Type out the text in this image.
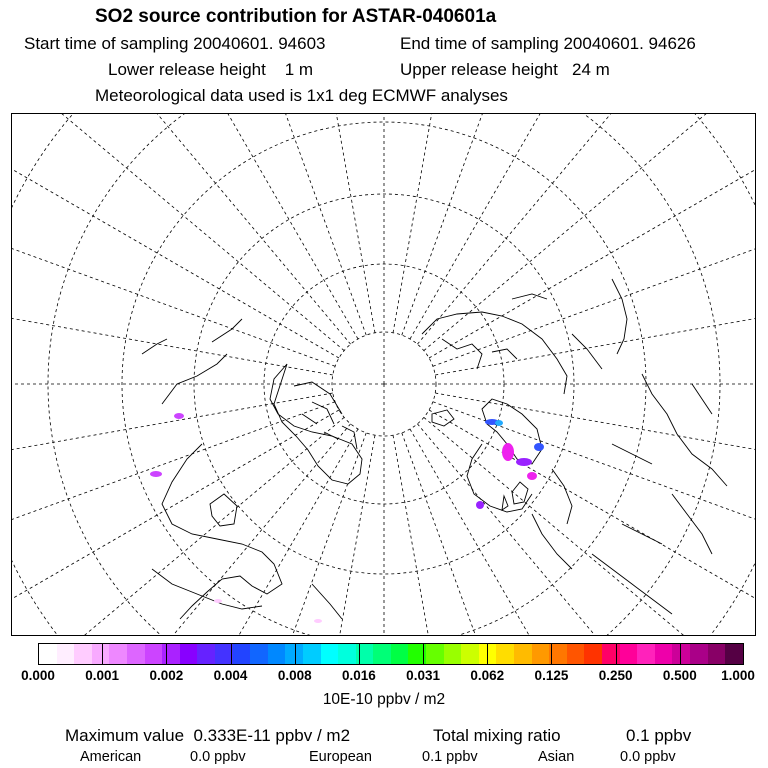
SO2 source contribution for ASTAR-040601a
Start time of sampling 20040601. 94603	End time of sampling 20040601. 94626
Lower release height    1 m	Upper release height   24 m
Meteorological data used is 1x1 deg ECMWF analyses
0.000 0.001 0.002 0.004 0.008 0.016 0.031 0.062 0.125 0.250 0.500 1.000
10E-10 ppbv / m2
Maximum value  0.333E-11 ppbv / m2	Total mixing ratio	0.1 ppbv
American	0.0 ppbv	European	0.1 ppbv	Asian	0.0 ppbv
